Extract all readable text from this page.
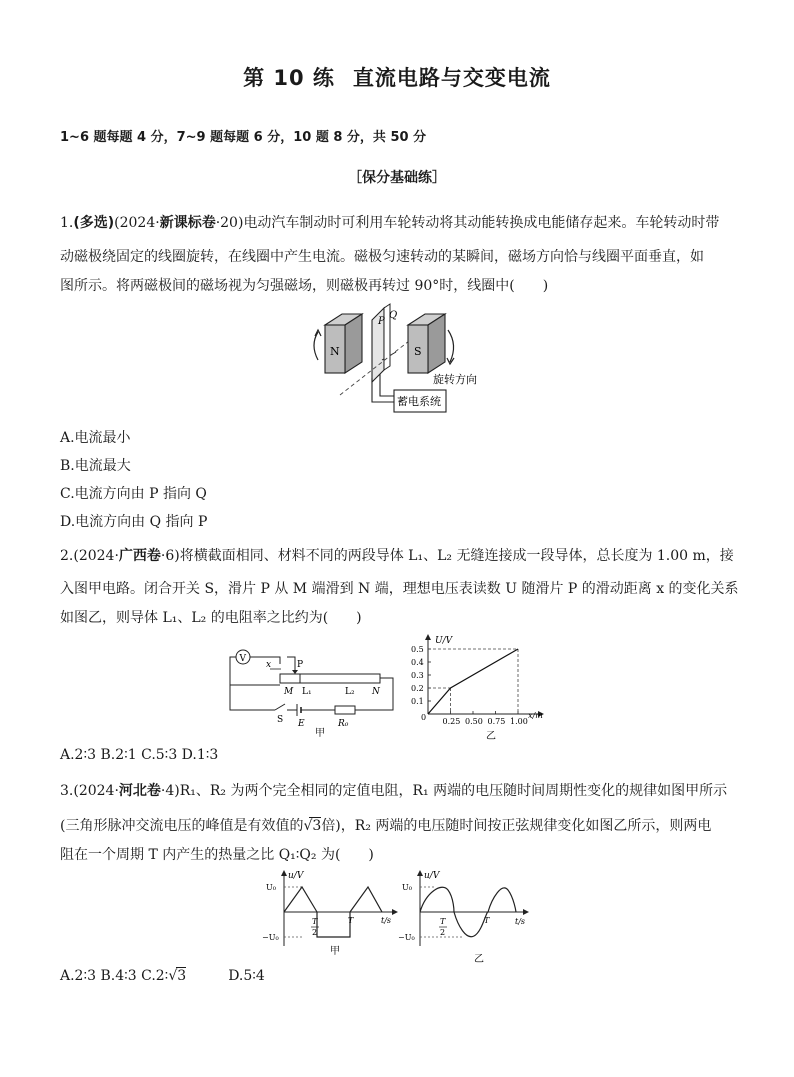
第 10 练 直流电路与交变电流
1~6 题每题 4 分，7~9 题每题 6 分，10 题 8 分，共 50 分
［保分基础练］
1.(多选)(2024·新课标卷·20)电动汽车制动时可利用车轮转动将其动能转换成电能储存起来。车轮转动时带
动磁极绕固定的线圈旋转，在线圈中产生电流。磁极匀速转动的某瞬间，磁场方向恰与线圈平面垂直，如
图所示。将两磁极间的磁场视为匀强磁场，则磁极再转过 90°时，线圈中(　　)
N
P
Q
S
旋转方向
蓄电系统
A.电流最小
B.电流最大
C.电流方向由 P 指向 Q
D.电流方向由 Q 指向 P
2.(2024·广西卷·6)将横截面相同、材料不同的两段导体 L₁、L₂ 无缝连接成一段导体，总长度为 1.00 m，接
入图甲电路。闭合开关 S，滑片 P 从 M 端滑到 N 端，理想电压表读数 U 随滑片 P 的滑动距离 x 的变化关系
如图乙，则导体 L₁、L₂ 的电阻率之比约为(　　)
V
x	P
M L₁	L₂ N
S E	R₀
甲
0.5
0.4
0.3
0.2
0.1
0.25 0.50 0.75 1.00
U/V
x/m
0
乙
A.2∶3 B.2∶1 C.5∶3 D.1∶3
3.(2024·河北卷·4)R₁、R₂ 为两个完全相同的定值电阻，R₁ 两端的电压随时间周期性变化的规律如图甲所示
(三角形脉冲交流电压的峰值是有效值的√3倍)，R₂ 两端的电压随时间按正弦规律变化如图乙所示，则两电
阻在一个周期 T 内产生的热量之比 Q₁∶Q₂ 为(　　)
u/V
U₀
−U₀
T
2
T	t/s
甲
u/V
U₀
−U₀
T
2
T	t/s
乙
A.2∶3 B.4∶3 C.2∶√3	D.5∶4
